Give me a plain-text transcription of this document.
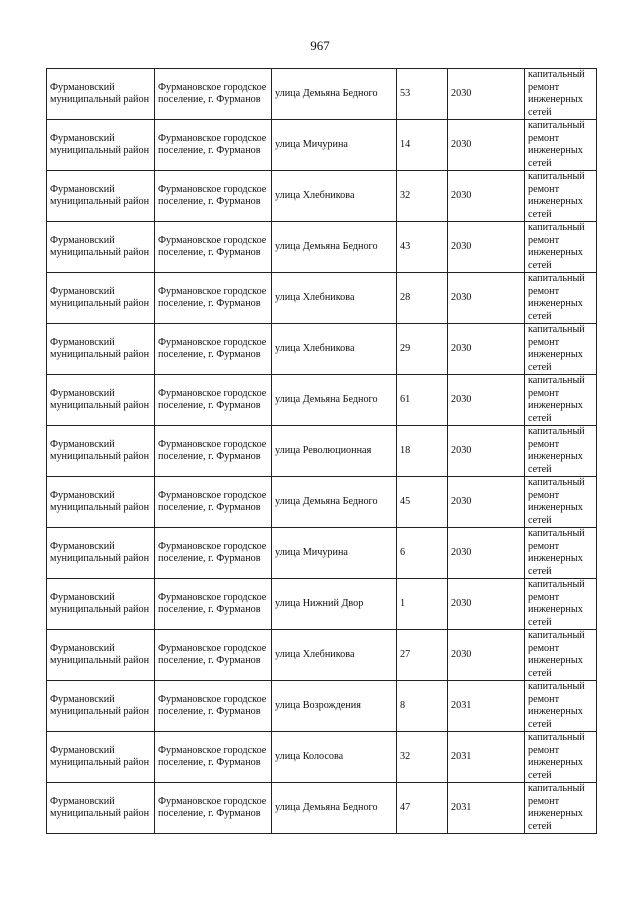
967
Фурмановский муниципальный район	Фурмановское городское поселение, г. Фурманов	улица Демьяна Бедного	53	2030	капитальный ремонт инженерных сетей
Фурмановский муниципальный район	Фурмановское городское поселение, г. Фурманов	улица Мичурина	14	2030	капитальный ремонт инженерных сетей
Фурмановский муниципальный район	Фурмановское городское поселение, г. Фурманов	улица Хлебникова	32	2030	капитальный ремонт инженерных сетей
Фурмановский муниципальный район	Фурмановское городское поселение, г. Фурманов	улица Демьяна Бедного	43	2030	капитальный ремонт инженерных сетей
Фурмановский муниципальный район	Фурмановское городское поселение, г. Фурманов	улица Хлебникова	28	2030	капитальный ремонт инженерных сетей
Фурмановский муниципальный район	Фурмановское городское поселение, г. Фурманов	улица Хлебникова	29	2030	капитальный ремонт инженерных сетей
Фурмановский муниципальный район	Фурмановское городское поселение, г. Фурманов	улица Демьяна Бедного	61	2030	капитальный ремонт инженерных сетей
Фурмановский муниципальный район	Фурмановское городское поселение, г. Фурманов	улица Революционная	18	2030	капитальный ремонт инженерных сетей
Фурмановский муниципальный район	Фурмановское городское поселение, г. Фурманов	улица Демьяна Бедного	45	2030	капитальный ремонт инженерных сетей
Фурмановский муниципальный район	Фурмановское городское поселение, г. Фурманов	улица Мичурина	6	2030	капитальный ремонт инженерных сетей
Фурмановский муниципальный район	Фурмановское городское поселение, г. Фурманов	улица Нижний Двор	1	2030	капитальный ремонт инженерных сетей
Фурмановский муниципальный район	Фурмановское городское поселение, г. Фурманов	улица Хлебникова	27	2030	капитальный ремонт инженерных сетей
Фурмановский муниципальный район	Фурмановское городское поселение, г. Фурманов	улица Возрождения	8	2031	капитальный ремонт инженерных сетей
Фурмановский муниципальный район	Фурмановское городское поселение, г. Фурманов	улица Колосова	32	2031	капитальный ремонт инженерных сетей
Фурмановский муниципальный район	Фурмановское городское поселение, г. Фурманов	улица Демьяна Бедного	47	2031	капитальный ремонт инженерных сетей
